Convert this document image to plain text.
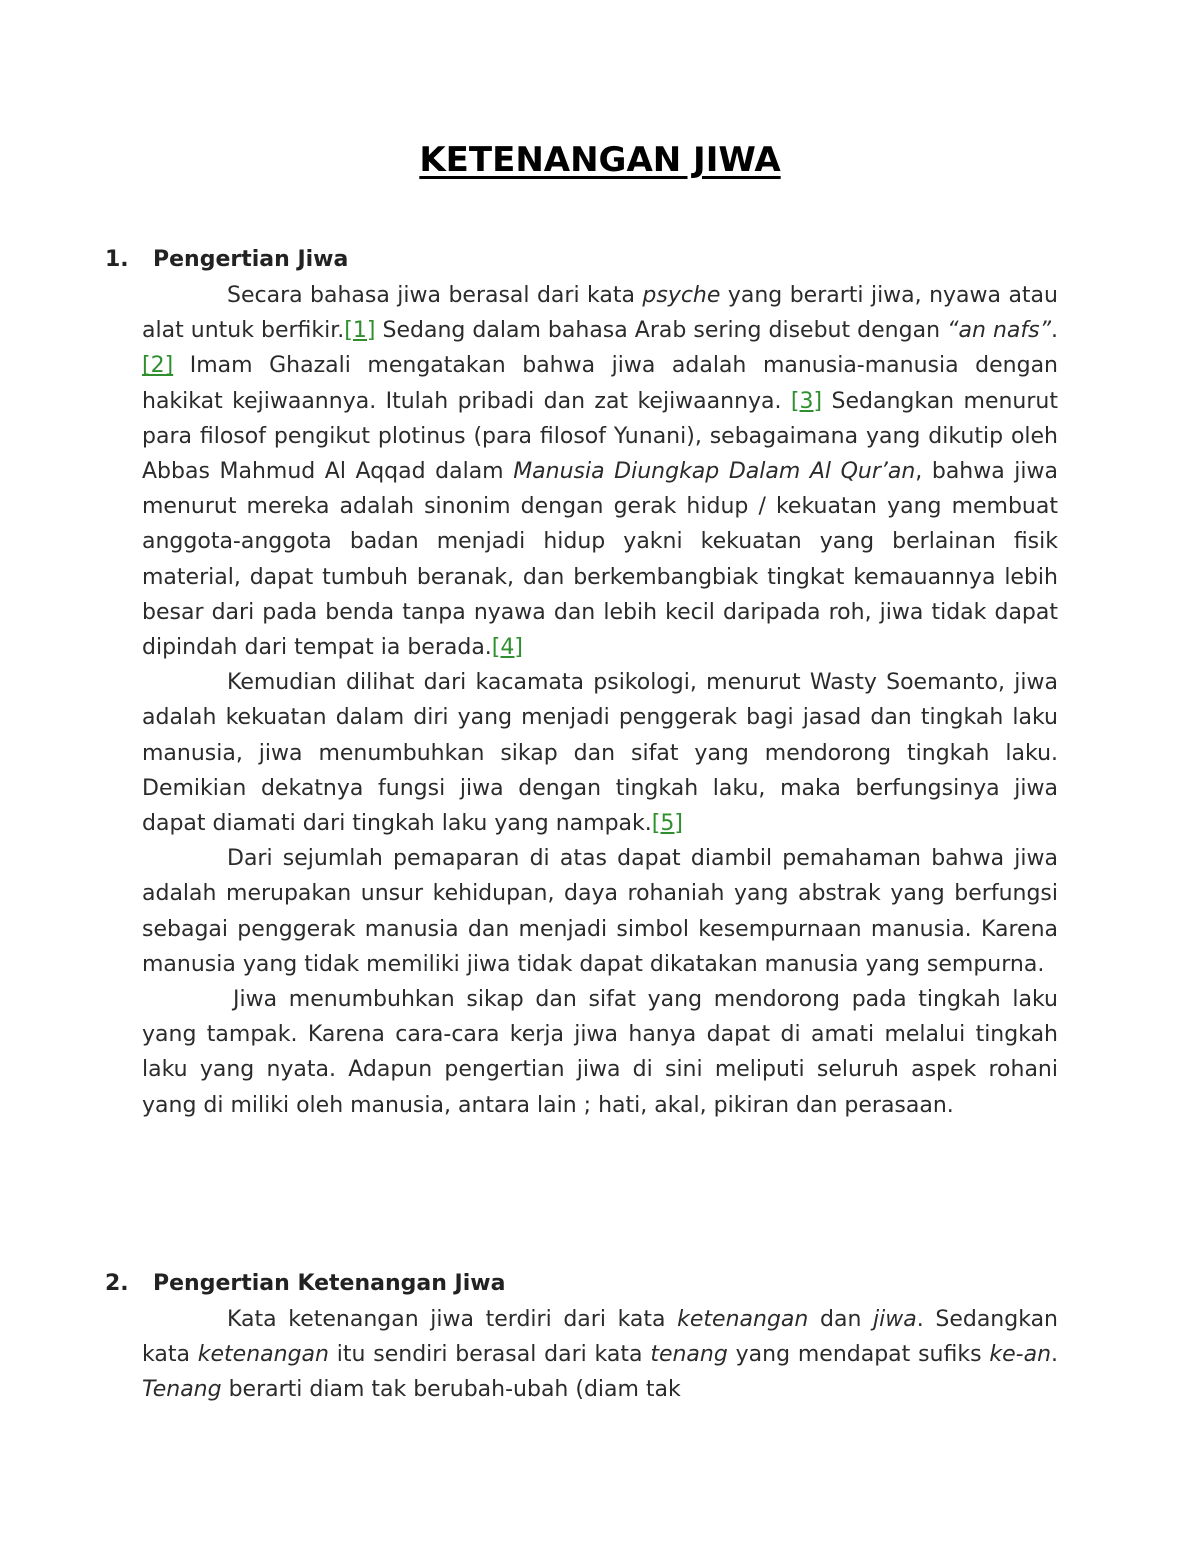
KETENANGAN JIWA
1. Pengertian Jiwa

Secara bahasa jiwa berasal dari kata psyche yang berarti jiwa, nyawa atau alat untuk berfikir.[1] Sedang dalam bahasa Arab sering disebut dengan “an nafs”.[2] Imam Ghazali mengatakan bahwa jiwa adalah manusia-manusia dengan hakikat kejiwaannya. Itulah pribadi dan zat kejiwaannya. [3] Sedangkan menurut para filosof pengikut plotinus (para filosof Yunani), sebagaimana yang dikutip oleh Abbas Mahmud Al Aqqad dalam Manusia Diungkap Dalam Al Qur’an, bahwa jiwa menurut mereka adalah sinonim dengan gerak hidup / kekuatan yang membuat anggota-anggota badan menjadi hidup yakni kekuatan yang berlainan fisik material, dapat tumbuh beranak, dan berkembangbiak tingkat kemauannya lebih besar dari pada benda tanpa nyawa dan lebih kecil daripada roh, jiwa tidak dapat dipindah dari tempat ia berada.[4]

Kemudian dilihat dari kacamata psikologi, menurut Wasty Soemanto, jiwa adalah kekuatan dalam diri yang menjadi penggerak bagi jasad dan tingkah laku manusia, jiwa menumbuhkan sikap dan sifat yang mendorong tingkah laku. Demikian dekatnya fungsi jiwa dengan tingkah laku, maka berfungsinya jiwa dapat diamati dari tingkah laku yang nampak.[5]

Dari sejumlah pemaparan di atas dapat diambil pemahaman bahwa jiwa adalah merupakan unsur kehidupan, daya rohaniah yang abstrak yang berfungsi sebagai penggerak manusia dan menjadi simbol kesempurnaan manusia. Karena manusia yang tidak memiliki jiwa tidak dapat dikatakan manusia yang sempurna.

Jiwa menumbuhkan sikap dan sifat yang mendorong pada tingkah laku yang tampak. Karena cara-cara kerja jiwa hanya dapat di amati melalui tingkah laku yang nyata. Adapun pengertian jiwa di sini meliputi seluruh aspek rohani yang di miliki oleh manusia, antara lain ; hati, akal, pikiran dan perasaan.

2. Pengertian Ketenangan Jiwa

Kata ketenangan jiwa terdiri dari kata ketenangan dan jiwa. Sedangkan kata ketenangan itu sendiri berasal dari kata tenang yang mendapat sufiks ke-an. Tenang berarti diam tak berubah-ubah (diam tak
